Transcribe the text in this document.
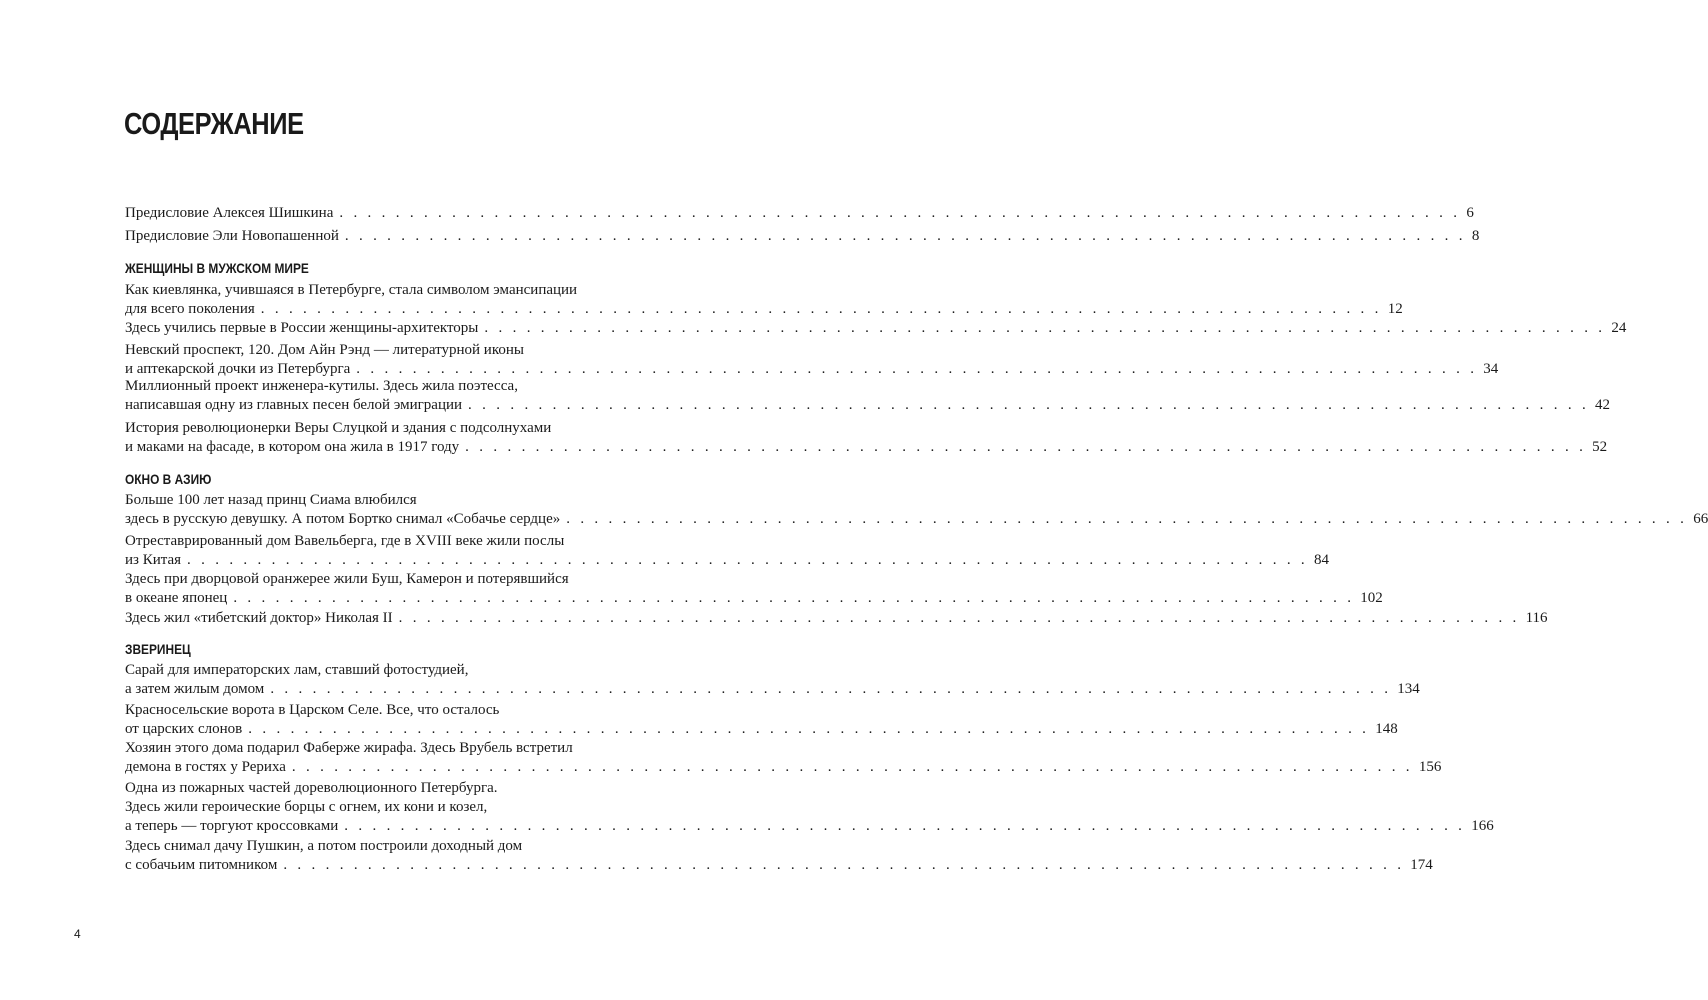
СОДЕРЖАНИЕ
Предисловие Алексея Шишкина . . . . . . . . . . . . . . . . . . . . . . . . . . . . . . . . . . . . . . . . . . . . . . . . . . . . . . . . . . . . . . . . . . . . . . . . . . . . . . . . 6
Предисловие Эли Новопашенной . . . . . . . . . . . . . . . . . . . . . . . . . . . . . . . . . . . . . . . . . . . . . . . . . . . . . . . . . . . . . . . . . . . . . . . . . . . . . . . . 8
ЖЕНЩИНЫ В МУЖСКОМ МИРЕ
Как киевлянка, учившаяся в Петербурге, стала символом эмансипации
для всего поколения . . . . . . . . . . . . . . . . . . . . . . . . . . . . . . . . . . . . . . . . . . . . . . . . . . . . . . . . . . . . . . . . . . . . . . . . . . . . . . . . 12
Здесь учились первые в России женщины-архитекторы . . . . . . . . . . . . . . . . . . . . . . . . . . . . . . . . . . . . . . . . . . . . . . . . . . . . . . . . . . . . . . . . . . . . . . . . . . . . . . . . 24
Невский проспект, 120. Дом Айн Рэнд — литературной иконы
и аптекарской дочки из Петербурга . . . . . . . . . . . . . . . . . . . . . . . . . . . . . . . . . . . . . . . . . . . . . . . . . . . . . . . . . . . . . . . . . . . . . . . . . . . . . . . . 34
Миллионный проект инженера-кутилы. Здесь жила поэтесса,
написавшая одну из главных песен белой эмиграции . . . . . . . . . . . . . . . . . . . . . . . . . . . . . . . . . . . . . . . . . . . . . . . . . . . . . . . . . . . . . . . . . . . . . . . . . . . . . . . . 42
История революционерки Веры Слуцкой и здания с подсолнухами
и маками на фасаде, в котором она жила в 1917 году . . . . . . . . . . . . . . . . . . . . . . . . . . . . . . . . . . . . . . . . . . . . . . . . . . . . . . . . . . . . . . . . . . . . . . . . . . . . . . . . 52
ОКНО В АЗИЮ
Больше 100 лет назад принц Сиама влюбился
здесь в русскую девушку. А потом Бортко снимал «Собачье сердце» . . . . . . . . . . . . . . . . . . . . . . . . . . . . . . . . . . . . . . . . . . . . . . . . . . . . . . . . . . . . . . . . . . . . . . . . . . . . . . . . 66
Отреставрированный дом Вавельберга, где в XVIII веке жили послы
из Китая . . . . . . . . . . . . . . . . . . . . . . . . . . . . . . . . . . . . . . . . . . . . . . . . . . . . . . . . . . . . . . . . . . . . . . . . . . . . . . . . 84
Здесь при дворцовой оранжерее жили Буш, Камерон и потерявшийся
в океане японец . . . . . . . . . . . . . . . . . . . . . . . . . . . . . . . . . . . . . . . . . . . . . . . . . . . . . . . . . . . . . . . . . . . . . . . . . . . . . . . . 102
Здесь жил «тибетский доктор» Николая II . . . . . . . . . . . . . . . . . . . . . . . . . . . . . . . . . . . . . . . . . . . . . . . . . . . . . . . . . . . . . . . . . . . . . . . . . . . . . . . . 116
ЗВЕРИНЕЦ
Сарай для императорских лам, ставший фотостудией,
а затем жилым домом . . . . . . . . . . . . . . . . . . . . . . . . . . . . . . . . . . . . . . . . . . . . . . . . . . . . . . . . . . . . . . . . . . . . . . . . . . . . . . . . 134
Красносельские ворота в Царском Селе. Все, что осталось
от царских слонов . . . . . . . . . . . . . . . . . . . . . . . . . . . . . . . . . . . . . . . . . . . . . . . . . . . . . . . . . . . . . . . . . . . . . . . . . . . . . . . . 148
Хозяин этого дома подарил Фаберже жирафа. Здесь Врубель встретил
демона в гостях у Рериха . . . . . . . . . . . . . . . . . . . . . . . . . . . . . . . . . . . . . . . . . . . . . . . . . . . . . . . . . . . . . . . . . . . . . . . . . . . . . . . . 156
Одна из пожарных частей дореволюционного Петербурга.
Здесь жили героические борцы с огнем, их кони и козел,
а теперь — торгуют кроссовками . . . . . . . . . . . . . . . . . . . . . . . . . . . . . . . . . . . . . . . . . . . . . . . . . . . . . . . . . . . . . . . . . . . . . . . . . . . . . . . . 166
Здесь снимал дачу Пушкин, а потом построили доходный дом
с собачьим питомником . . . . . . . . . . . . . . . . . . . . . . . . . . . . . . . . . . . . . . . . . . . . . . . . . . . . . . . . . . . . . . . . . . . . . . . . . . . . . . . . 174
4
